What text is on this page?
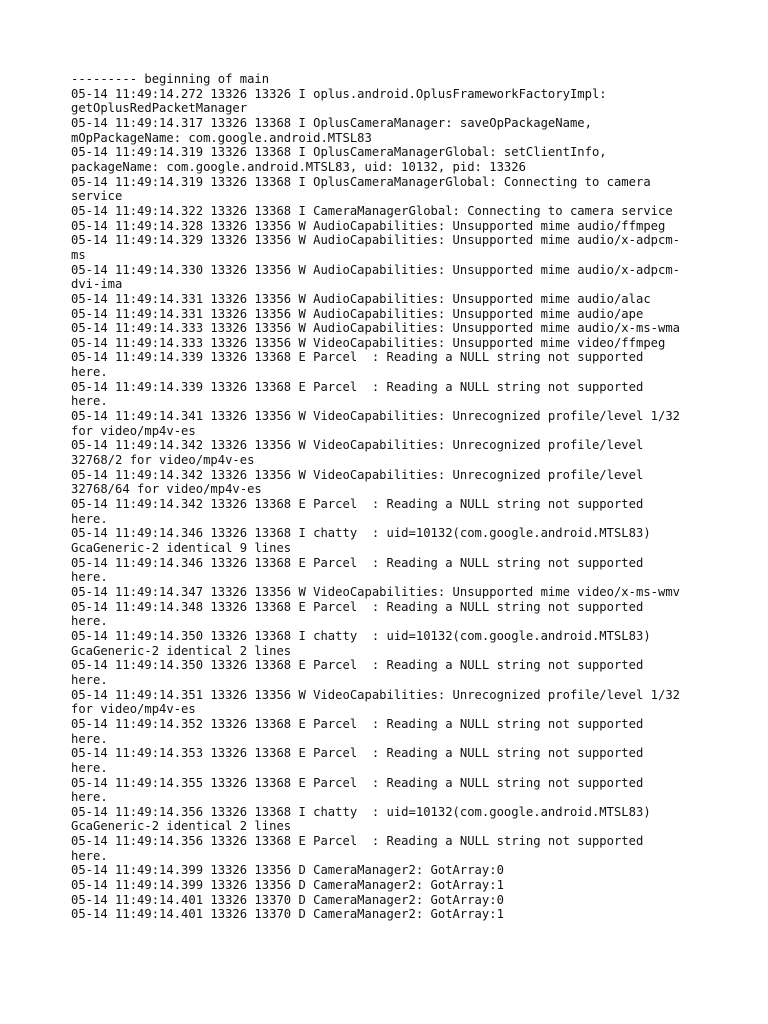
--------- beginning of main
05-14 11:49:14.272 13326 13326 I oplus.android.OplusFrameworkFactoryImpl:
getOplusRedPacketManager
05-14 11:49:14.317 13326 13368 I OplusCameraManager: saveOpPackageName,
mOpPackageName: com.google.android.MTSL83
05-14 11:49:14.319 13326 13368 I OplusCameraManagerGlobal: setClientInfo,
packageName: com.google.android.MTSL83, uid: 10132, pid: 13326
05-14 11:49:14.319 13326 13368 I OplusCameraManagerGlobal: Connecting to camera
service
05-14 11:49:14.322 13326 13368 I CameraManagerGlobal: Connecting to camera service
05-14 11:49:14.328 13326 13356 W AudioCapabilities: Unsupported mime audio/ffmpeg
05-14 11:49:14.329 13326 13356 W AudioCapabilities: Unsupported mime audio/x-adpcm-
ms
05-14 11:49:14.330 13326 13356 W AudioCapabilities: Unsupported mime audio/x-adpcm-
dvi-ima
05-14 11:49:14.331 13326 13356 W AudioCapabilities: Unsupported mime audio/alac
05-14 11:49:14.331 13326 13356 W AudioCapabilities: Unsupported mime audio/ape
05-14 11:49:14.333 13326 13356 W AudioCapabilities: Unsupported mime audio/x-ms-wma
05-14 11:49:14.333 13326 13356 W VideoCapabilities: Unsupported mime video/ffmpeg
05-14 11:49:14.339 13326 13368 E Parcel  : Reading a NULL string not supported
here.
05-14 11:49:14.339 13326 13368 E Parcel  : Reading a NULL string not supported
here.
05-14 11:49:14.341 13326 13356 W VideoCapabilities: Unrecognized profile/level 1/32
for video/mp4v-es
05-14 11:49:14.342 13326 13356 W VideoCapabilities: Unrecognized profile/level
32768/2 for video/mp4v-es
05-14 11:49:14.342 13326 13356 W VideoCapabilities: Unrecognized profile/level
32768/64 for video/mp4v-es
05-14 11:49:14.342 13326 13368 E Parcel  : Reading a NULL string not supported
here.
05-14 11:49:14.346 13326 13368 I chatty  : uid=10132(com.google.android.MTSL83)
GcaGeneric-2 identical 9 lines
05-14 11:49:14.346 13326 13368 E Parcel  : Reading a NULL string not supported
here.
05-14 11:49:14.347 13326 13356 W VideoCapabilities: Unsupported mime video/x-ms-wmv
05-14 11:49:14.348 13326 13368 E Parcel  : Reading a NULL string not supported
here.
05-14 11:49:14.350 13326 13368 I chatty  : uid=10132(com.google.android.MTSL83)
GcaGeneric-2 identical 2 lines
05-14 11:49:14.350 13326 13368 E Parcel  : Reading a NULL string not supported
here.
05-14 11:49:14.351 13326 13356 W VideoCapabilities: Unrecognized profile/level 1/32
for video/mp4v-es
05-14 11:49:14.352 13326 13368 E Parcel  : Reading a NULL string not supported
here.
05-14 11:49:14.353 13326 13368 E Parcel  : Reading a NULL string not supported
here.
05-14 11:49:14.355 13326 13368 E Parcel  : Reading a NULL string not supported
here.
05-14 11:49:14.356 13326 13368 I chatty  : uid=10132(com.google.android.MTSL83)
GcaGeneric-2 identical 2 lines
05-14 11:49:14.356 13326 13368 E Parcel  : Reading a NULL string not supported
here.
05-14 11:49:14.399 13326 13356 D CameraManager2: GotArray:0
05-14 11:49:14.399 13326 13356 D CameraManager2: GotArray:1
05-14 11:49:14.401 13326 13370 D CameraManager2: GotArray:0
05-14 11:49:14.401 13326 13370 D CameraManager2: GotArray:1
